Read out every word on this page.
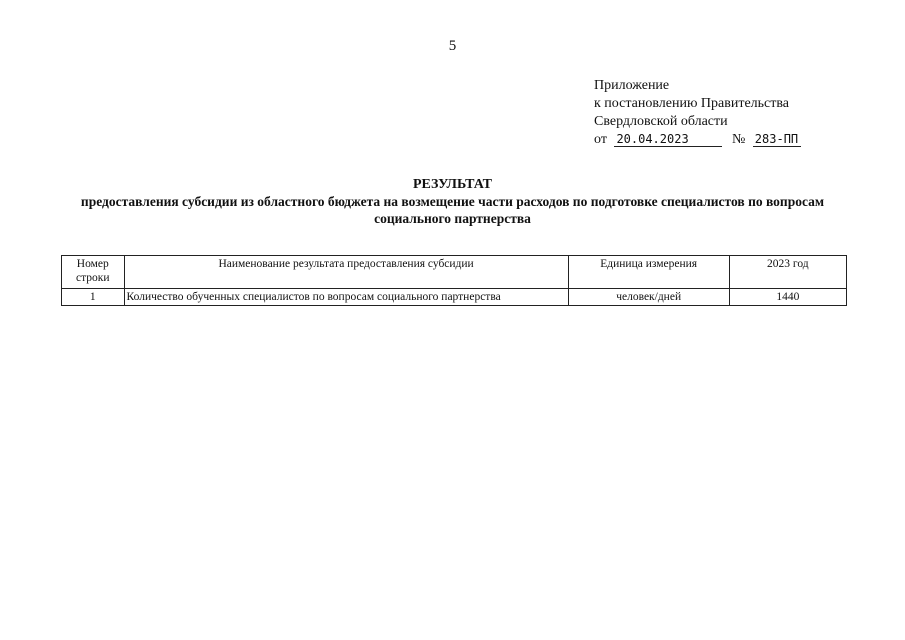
5
Приложение
к постановлению Правительства
Свердловской области
от 20.04.2023	№ 283-ПП
РЕЗУЛЬТАТ
предоставления субсидии из областного бюджета на возмещение части расходов по подготовке специалистов по вопросам социального партнерства
Номер строки	Наименование результата предоставления субсидии	Единица измерения	2023 год
1	Количество обученных специалистов по вопросам социального партнерства	человек/дней	1440
